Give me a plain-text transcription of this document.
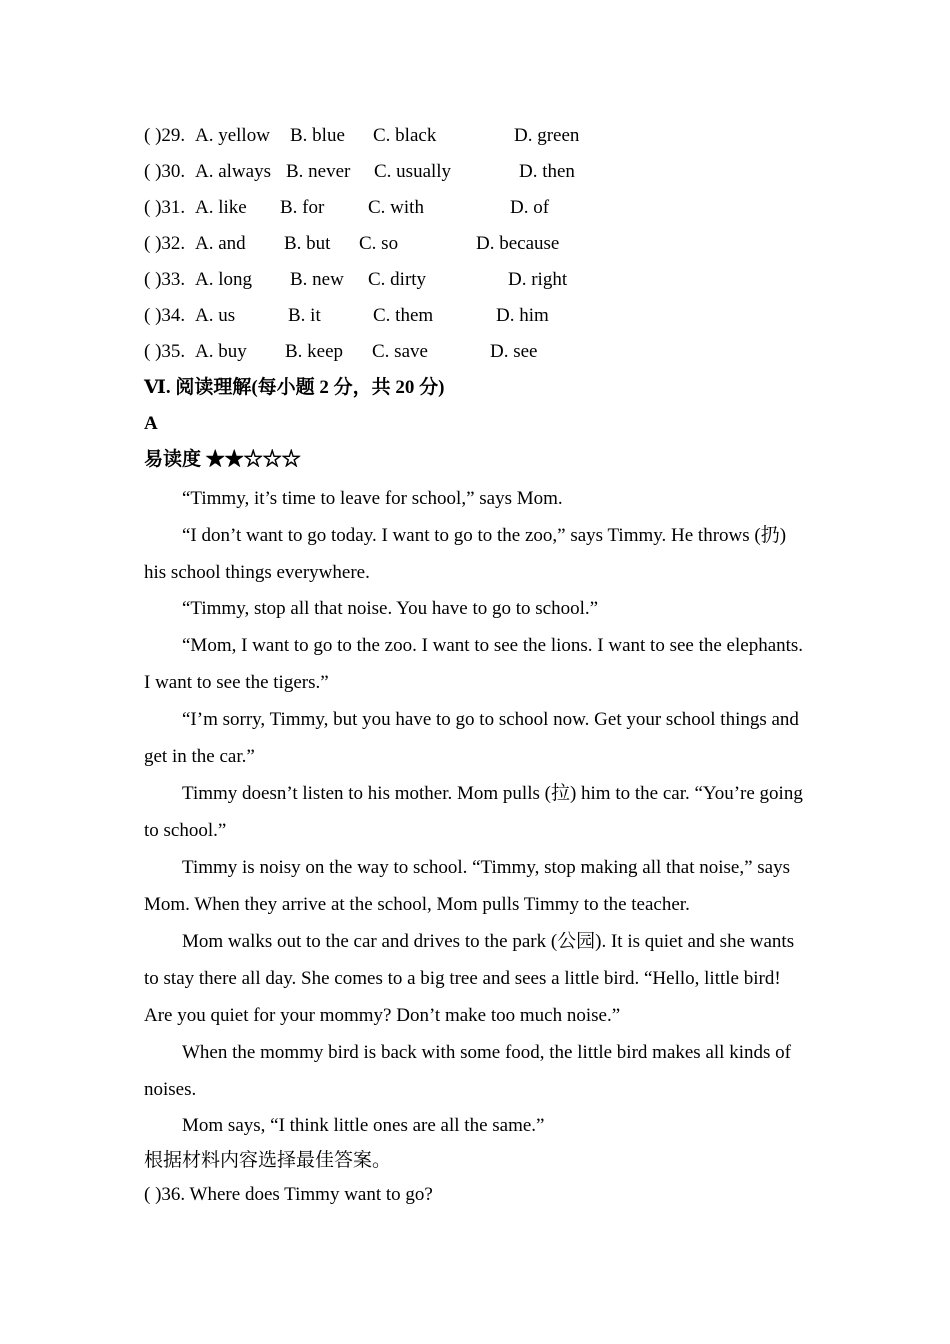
( )29. A. yellow B. blue C. black	D. green
( )30. A. always B. never C. usually	D. then
( )31. A. like B. for C. with	D. of
( )32. A. and B. but C. so	D. because
( )33. A. long B. new C. dirty	D. right
( )34. A. us	B. it	C. them	D. him
( )35. A. buy B. keep C. save	D. see
Ⅵ. 阅读理解(每小题 2 分，共 20 分)
A
易读度 ★★☆☆☆

“Timmy, it’s time to leave for school,” says Mom.

“I don’t want to go today. I want to go to the zoo,” says Timmy. He throws (扔) his school things everywhere.

“Timmy, stop all that noise. You have to go to school.”

“Mom, I want to go to the zoo. I want to see the lions. I want to see the elephants. I want to see the tigers.”

“I’m sorry, Timmy, but you have to go to school now. Get your school things and get in the car.”

Timmy doesn’t listen to his mother. Mom pulls (拉) him to the car. “You’re going to school.”

Timmy is noisy on the way to school. “Timmy, stop making all that noise,” says Mom. When they arrive at the school, Mom pulls Timmy to the teacher.

Mom walks out to the car and drives to the park (公园). It is quiet and she wants to stay there all day. She comes to a big tree and sees a little bird. “Hello, little bird! Are you quiet for your mommy? Don’t make too much noise.”

When the mommy bird is back with some food, the little bird makes all kinds of noises.

Mom says, “I think little ones are all the same.”

根据材料内容选择最佳答案。
( )36. Where does Timmy want to go?
